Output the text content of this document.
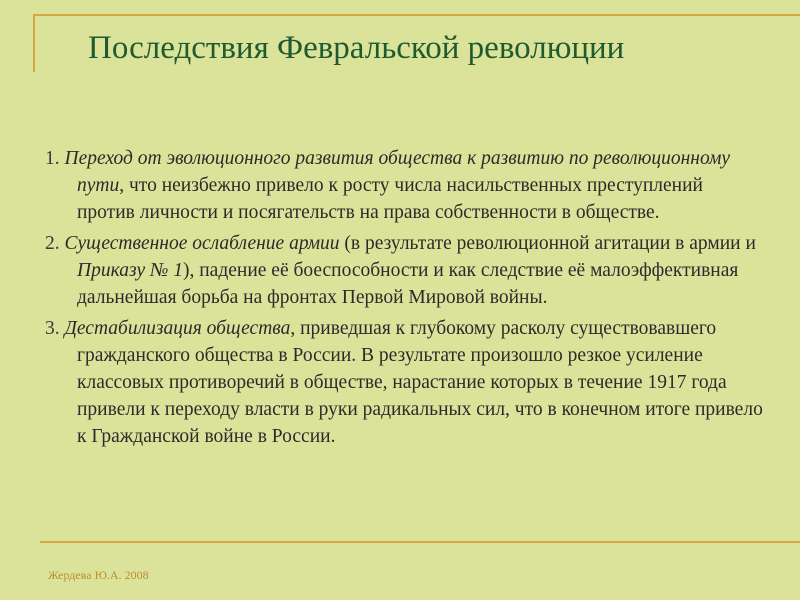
Последствия Февральской революции

1. Переход от эволюционного развития общества к развитию по революционному пути, что неизбежно привело к росту числа насильственных преступлений против личности и посягательств на права собственности в обществе.

2. Существенное ослабление армии (в результате революционной агитации в армии и Приказу № 1), падение её боеспособности и как следствие её малоэффективная дальнейшая борьба на фронтах Первой Мировой войны.

3. Дестабилизация общества, приведшая к глубокому расколу существовавшего гражданского общества в России. В результате произошло резкое усиление классовых противоречий в обществе, нарастание которых в течение 1917 года привели к переходу власти в руки радикальных сил, что в конечном итоге привело к Гражданской войне в России.

Жердева Ю.А. 2008
